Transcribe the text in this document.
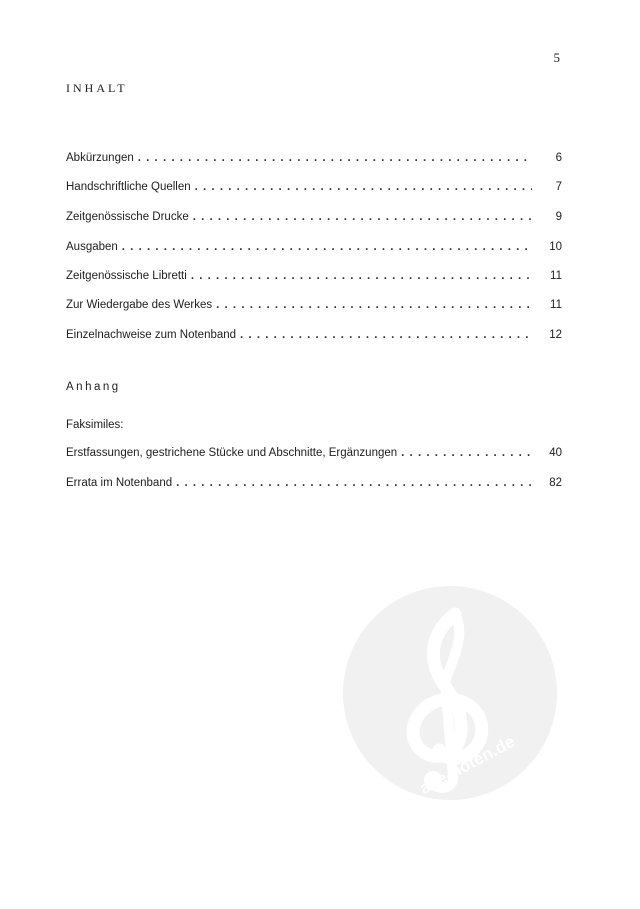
5
INHALT
Abkürzungen . . .	6
Handschriftliche Quellen . . .	7
Zeitgenössische Drucke . . .	9
Ausgaben . . .	10
Zeitgenössische Libretti . . .	11
Zur Wiedergabe des Werkes . . .	11
Einzelnachweise zum Notenband . . .	12
Anhang
Faksimiles:
Erstfassungen, gestrichene Stücke und Abschnitte, Ergänzungen . . .	40
Errata im Notenband . . .	82
alle-noten.de
